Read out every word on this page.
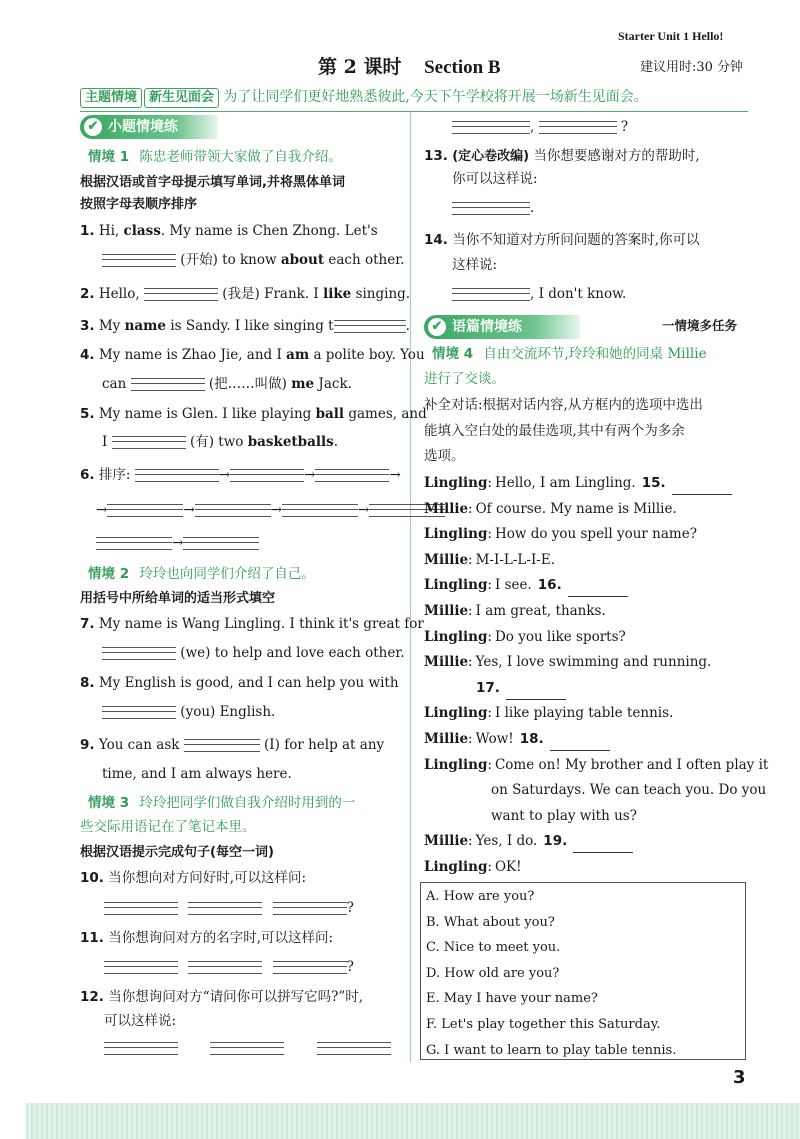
Starter Unit 1 Hello!
第 2 课时 Section B	建议用时:30 分钟
主题情境 新生见面会 为了让同学们更好地熟悉彼此,今天下午学校将开展一场新生见面会。
✔ 小题情境练
情境 1 陈忠老师带领大家做了自我介绍。
根据汉语或首字母提示填写单词,并将黑体单词
按照字母表顺序排序
1. Hi, class. My name is Chen Zhong. Let's
(开始) to know about each other.
2. Hello,	(我是) Frank. I like singing.
3. My name is Sandy. I like singing t	.
4. My name is Zhao Jie, and I am a polite boy. You
can	(把……叫做) me Jack.
5. My name is Glen. I like playing ball games, and
I	(有) two basketballs.
6. 排序:	→	→	→
→	→	→	→
→
情境 2 玲玲也向同学们介绍了自己。
用括号中所给单词的适当形式填空
7. My name is Wang Lingling. I think it's great for
(we) to help and love each other.
8. My English is good, and I can help you with
(you) English.
9. You can ask	(I) for help at any
time, and I am always here.
情境 3 玲玲把同学们做自我介绍时用到的一
些交际用语记在了笔记本里。
根据汉语提示完成句子(每空一词)
10. 当你想向对方问好时,可以这样问:
?
11. 当你想询问对方的名字时,可以这样问:
?
12. 当你想询问对方“请问你可以拼写它吗?”时,
可以这样说:

,	?
13. (定心卷改编) 当你想要感谢对方的帮助时,
你可以这样说:
.
14. 当你不知道对方所问问题的答案时,你可以
这样说:
, I don't know.
✔ 语篇情境练	一情境多任务
情境 4 自由交流环节,玲玲和她的同桌 Millie
进行了交谈。
补全对话:根据对话内容,从方框内的选项中选出
能填入空白处的最佳选项,其中有两个为多余
选项。
Lingling: Hello, I am Lingling. 15.
Millie: Of course. My name is Millie.
Lingling: How do you spell your name?
Millie: M-I-L-L-I-E.
Lingling: I see. 16.
Millie: I am great, thanks.
Lingling: Do you like sports?
Millie: Yes, I love swimming and running.
17.
Lingling: I like playing table tennis.
Millie: Wow! 18.
Lingling: Come on! My brother and I often play it
on Saturdays. We can teach you. Do you
want to play with us?
Millie: Yes, I do. 19.
Lingling: OK!
A. How are you?
B. What about you?
C. Nice to meet you.
D. How old are you?
E. May I have your name?
F. Let's play together this Saturday.
G. I want to learn to play table tennis.
3
